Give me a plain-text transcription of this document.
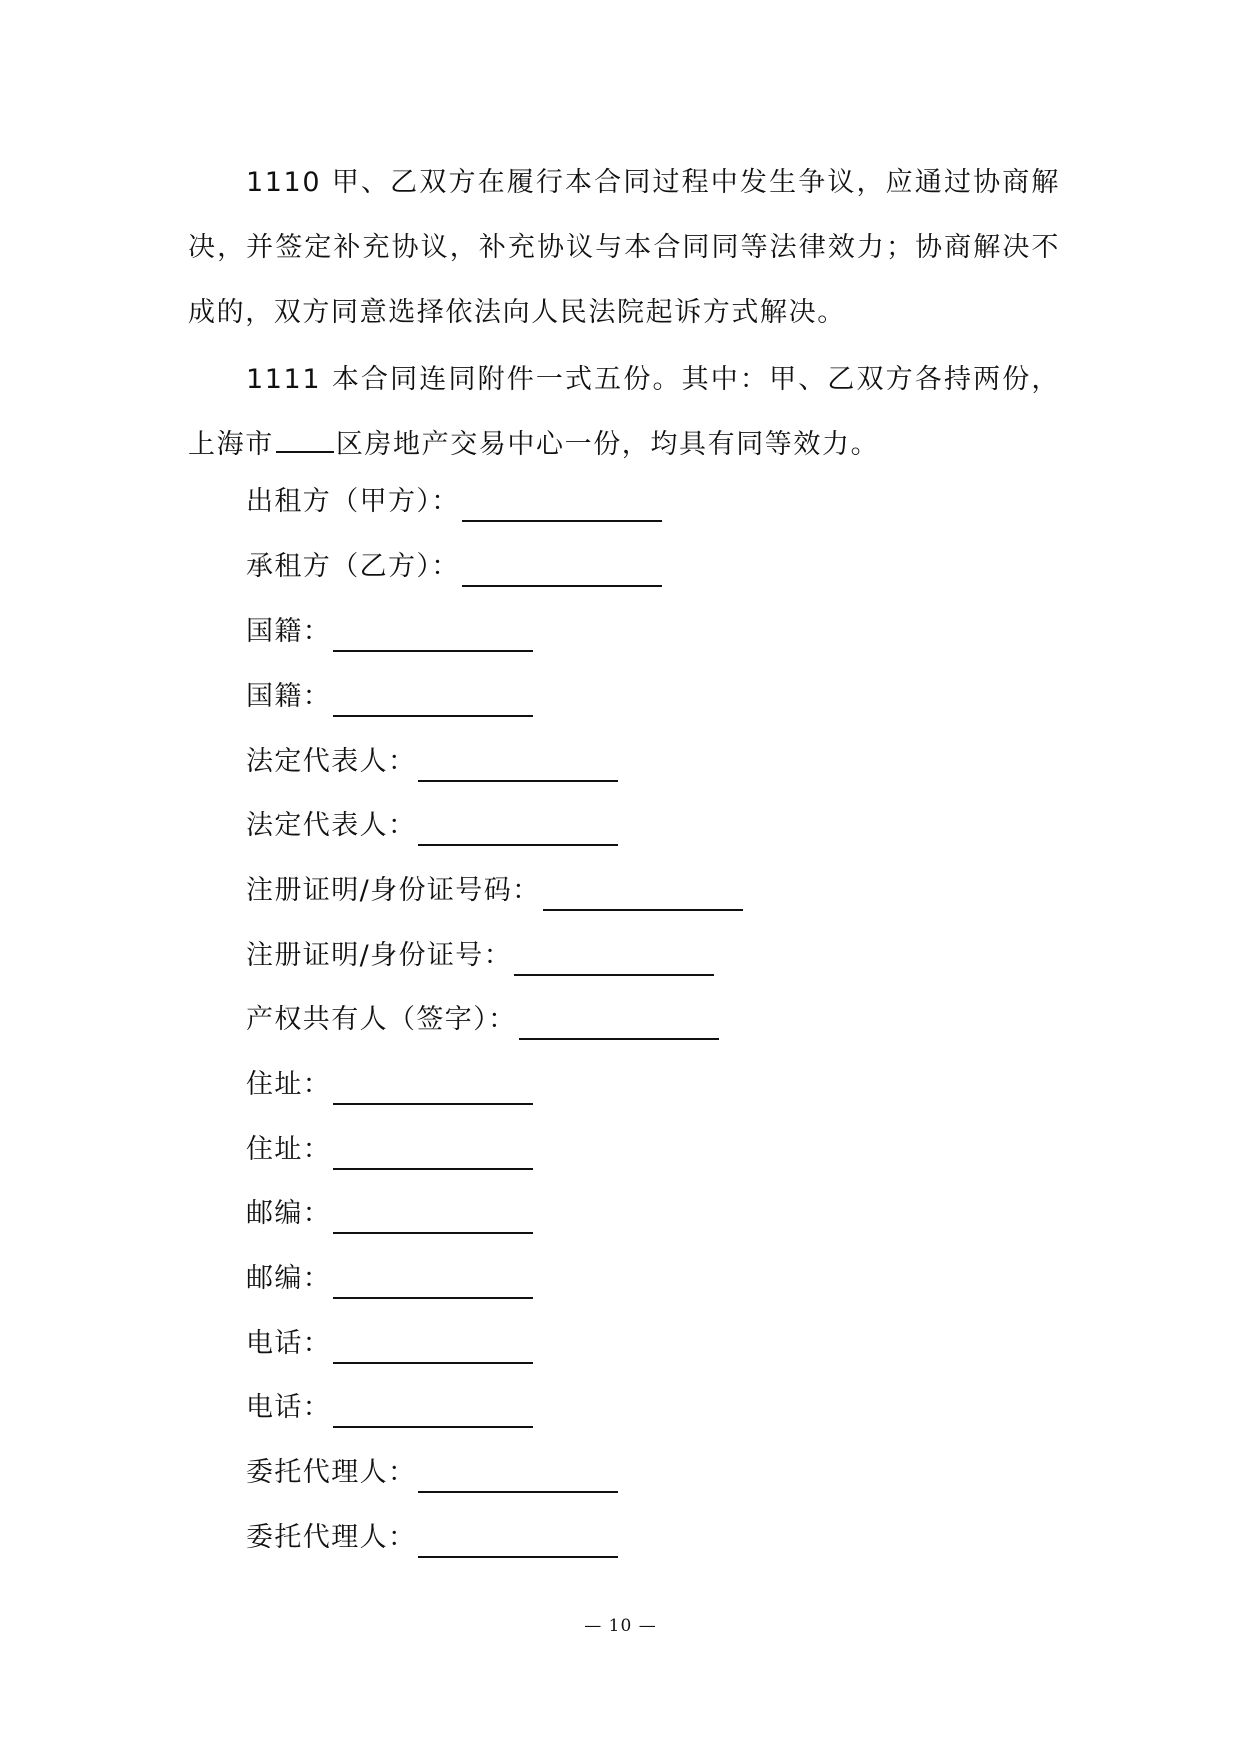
1110 甲、乙双方在履行本合同过程中发生争议，应通过协商解决，并签定补充协议，补充协议与本合同同等法律效力；协商解决不成的，双方同意选择依法向人民法院起诉方式解决。

1111 本合同连同附件一式五份。其中：甲、乙双方各持两份，上海市 区房地产交易中心一份，均具有同等效力。

出租方（甲方）：
承租方（乙方）：
国籍：
国籍：
法定代表人：
法定代表人：
注册证明/身份证号码：
注册证明/身份证号：
产权共有人（签字）：
住址：
住址：
邮编：
邮编：
电话：
电话：
委托代理人：
委托代理人：
— 10 —
